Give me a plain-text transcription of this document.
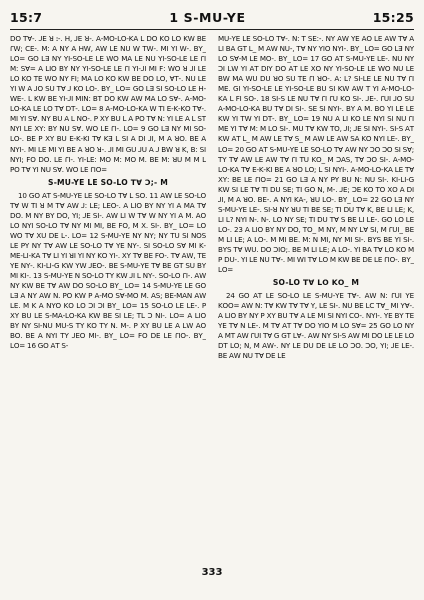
15:7	1 S-MU-YE	15:25

ꓓꓳ ꓔꓯ-. ꓙꓰ ꓤ ꓽ-. ꓧ, ꓙꓰ ꓤ-. ꓮ-ꓟꓳ-ꓡꓳ-ꓗꓮ ꓡ ꓓꓳ ꓗꓳ ꓡꓳ ꓗꓪ ꓐꓰ ꓩꓪ; ꓚꓰ-. ꓟ: ꓮ ꓠꓬ ꓮ ꓧꓪ, ꓮꓪ ꓡꓰ ꓠꓴ ꓪ ꓔꓪ-. ꓟꓲ ꓬꓲ ꓪ-. ꓐꓬ_ ꓡꓳ= ꓖꓳ ꓡꓱ ꓠꓬ ꓬꓲ-ꓢꓳ-ꓡꓰ ꓡꓰ ꓪꓳ ꓟꓮ ꓡꓰ ꓠꓴ ꓬꓲ-ꓢꓳ-ꓡꓰ ꓡꓰ ꓩꓲ ꓟ: ꓢꓯ= ꓮ ꓡꓲꓳ ꓐꓬ ꓠꓬ ꓬꓲ-ꓢꓳ-ꓡꓰ ꓡꓰ ꓩꓲ ꓬꓲ-ꓙꓲ ꓟꓲ ꓝ: ꓪꓳ ꓤ ꓙꓲ ꓡꓰ ꓡꓳ ꓗꓳ ꓔꓰ ꓪꓳ ꓠꓬ ꓝꓲ; ꓟꓮ ꓡꓳ ꓗꓳ ꓗꓪ ꓐꓰ ꓓꓳ ꓡꓳ, ꓯꓔ-. ꓠꓴ ꓡꓰ ꓬꓲ ꓪ ꓮ ꓙꓳ ꓢꓴ ꓔꓯ ꓙ ꓗꓳ ꓡꓳ-. ꓐꓬ_ ꓡꓳ= ꓖꓳ ꓡꓱ ꓢꓲ ꓢꓳ-ꓡꓳ ꓡꓰ ꓧ-ꓪꓰ-. ꓡ ꓗꓪ ꓐꓰ ꓬꓲ-ꓙꓲ ꓟꓲꓠ: ꓐꓔ ꓓꓳ ꓗꓪ ꓮꓪ ꓟꓮ ꓡꓳ ꓢꓯ-. ꓮ-ꓟꓳ-ꓡꓳ-ꓗꓮ ꓡꓰ ꓡꓳ ꓔꓯ ꓓꓔ-. ꓡꓳ= 8 ꓮ-ꓟꓳ-ꓡꓳ-ꓗꓮ ꓪ ꓔꓲ ꓰ-ꓗ-ꓗꓳ ꓔꓯ-. ꓟꓲ ꓬꓲ ꓢꓯ. ꓠꓬ ꓐꓴ ꓮ ꓡ ꓠꓳ-. ꓑ ꓫꓬ ꓐꓴ ꓡ ꓮ ꓑꓳ ꓔꓯ ꓠ: ꓬꓲ ꓡꓰ ꓮ ꓡ ꓢꓔ ꓠꓬꓲ ꓡꓰ ꓫꓬ: ꓐꓬ ꓠꓴ ꓢꓯ. ꓪꓳ ꓡꓰ ꓩꓲ-. ꓡꓳ= 9 ꓖꓳ ꓡꓱ ꓠꓬ ꓟꓲ ꓢꓳ-ꓡꓳ-. ꓐꓰ ꓑ ꓫꓬ ꓐꓴ ꓰ-ꓗ-ꓗꓲ ꓔꓯ ꓗꓱ ꓡ ꓢꓲ ꓮ ꓓꓲ ꓙꓲ, ꓟ ꓮ ꓤꓳ. ꓐꓰ ꓮ ꓠꓬꓲ-. ꓟꓲ ꓡꓰ ꓟꓲ ꓬꓲ ꓐꓰ ꓮ ꓤꓳ ꓤ-. ꓙꓲ ꓟꓲ ꓖꓴ ꓙꓴ ꓮ ꓙ ꓐꓪ ꓤ ꓗ, ꓐ: ꓢꓲ ꓠꓬꓲ; ꓝꓳ ꓓꓳ. ꓡꓰ ꓩꓲ-. ꓬꓲ-ꓡꓰ: ꓟꓳ ꓟ: ꓟꓳ ꓟ. ꓐꓰ ꓟ: ꓤꓴ ꓟ ꓟ ꓡ ꓑꓳ ꓔꓯ ꓬꓲ ꓠꓴ ꓢꓯ. ꓪꓳ ꓡꓰ ꓩꓲꓳ=

S-MU-YE LE SO-LO ꓔꓯ ꓛ;- M

10 ꓖꓳ ꓮꓔ ꓢ-ꓟꓴ-ꓬꓰ ꓡꓰ ꓢꓳ-ꓡꓳ ꓔꓯ ꓡ ꓢꓳ. 11 ꓮꓪ ꓡꓰ ꓢꓳ-ꓡꓳ ꓔꓯ ꓪ ꓔꓲ ꓤ ꓟ ꓔꓯ ꓮꓪ ꓙ: ꓡꓰ; ꓡꓰꓳ-. ꓮ ꓡꓲꓳ ꓐꓬ ꓠꓬ ꓬꓲ ꓮ ꓟꓮ ꓔꓯ ꓓꓳ. ꓟ ꓠꓬ ꓐꓬ ꓓꓳ, ꓬꓲ; ꓙꓰ ꓢꓲ-. ꓮꓪ ꓡꓲ ꓪ ꓔꓯ ꓪ ꓠꓬ ꓬꓲ ꓮ ꓟ. ꓮꓳ ꓡꓳ ꓠꓬꓲ ꓢꓳ-ꓡꓳ ꓔꓯ ꓠꓬ ꓟꓲ ꓟꓲ, ꓐꓰ ꓝꓳ, ꓟ ꓫ. ꓢꓲ-. ꓐꓬ_ ꓡꓳ= ꓡꓳ ꓪꓳ ꓔꓯ ꓫꓴ ꓓꓰ ꓡ-. ꓡꓳ= 12 ꓢ-ꓟꓴ-ꓬꓰ ꓠꓬ ꓠꓬ; ꓠꓬ ꓔꓴ ꓢꓲ ꓠꓳꓢ ꓡꓰ ꓑꓬ ꓠꓬ ꓔꓯ ꓮꓪ ꓡꓰ ꓢꓳ-ꓡꓳ ꓔꓯ ꓬꓰ ꓠꓬ-. ꓢꓲ ꓢꓳ-ꓡꓳ ꓢꓯ ꓟꓲ ꓗ-ꓟꓰ-ꓡꓲ-ꓗꓮ ꓔꓯ ꓡꓲ ꓬꓲ ꓤꓲ ꓬꓲ ꓠꓬ ꓗꓳ ꓬꓲ-. ꓫꓬ ꓔꓯ ꓐꓰ ꓝꓳ-. ꓔꓯ ꓮꓪ, ꓔꓰ ꓬꓰ ꓠꓬ-. ꓗꓲ-ꓡꓲ-ꓖ ꓗꓪ ꓬꓪ ꓙꓰꓳ-. ꓐꓰ ꓢ-ꓟꓴ-ꓬꓰ ꓔꓯ ꓐꓰ ꓖꓔ ꓢꓴ ꓐꓬ ꓟꓲ ꓗꓲ-. 13 ꓢ-ꓟꓴ-ꓬꓰ ꓠ ꓢꓳ-ꓡꓳ ꓔꓬ ꓗꓪ ꓙꓲ ꓡ ꓠꓬ-. ꓢꓳ-ꓡꓳ ꓩꓲ-. ꓮꓪ ꓠꓬ ꓗꓪ ꓐꓰ ꓔꓯ ꓮꓪ ꓓꓳ ꓢꓳ-ꓡꓳ ꓐꓬ_ ꓡꓳ= 14 ꓢ-ꓟꓴ-ꓬꓰ ꓡꓰ ꓖꓳ ꓡꓱ ꓮ ꓠꓬ ꓮꓪ ꓠ. ꓑꓳ ꓗꓪ ꓑ ꓮ-ꓟꓳ ꓢꓯ-ꓟꓳ ꓟ. ꓮꓢ; ꓐꓰ-ꓟꓮꓠ ꓮꓪ ꓡꓰ. ꓟ ꓗ ꓮ ꓠꓬꓳ ꓗꓳ ꓡꓳ ꓛꓲ ꓛꓲ ꓐꓬ_ ꓡꓳ= 15 ꓢꓳ-ꓡꓳ ꓡꓰ ꓡꓰ-. ꓑ ꓫꓬ ꓐꓴ ꓡꓰ ꓢ-ꓟꓮ-ꓡꓳ-ꓗꓮ ꓗꓪ ꓐꓰ ꓢꓲ ꓡꓰ; ꓔꓡ ꓛ ꓠꓲ-. ꓡꓳ= ꓮ ꓡꓲꓳ ꓐꓬ ꓠꓬ ꓢꓲ-ꓠꓴ ꓟꓴ-ꓢ ꓔꓬ ꓗꓳ ꓔꓬ ꓠ. ꓟ-. ꓑ ꓫꓬ ꓐꓴ ꓡꓰ ꓮ ꓡꓪ ꓮꓳ ꓐꓳ. ꓐꓰ ꓮ ꓠꓬꓲ ꓔꓬ ꓙꓰꓳ ꓟꓲ-. ꓐꓬ_ ꓡꓳ= ꓝꓳ ꓓꓰ ꓡꓰ ꓩꓲꓳ-. ꓐꓬ_ ꓡꓳ= 16 ꓖꓳ ꓮꓔ ꓢ-

ꓟꓴ-ꓬꓰ ꓡꓰ ꓢꓳ-ꓡꓳ ꓔꓯ-. ꓠ: ꓔ ꓢꓰ:-. ꓠꓬ ꓮꓪ ꓬꓰ ꓮꓳ ꓡꓰ ꓮꓪ ꓔꓯ ꓮ ꓡꓲ ꓐꓮ ꓖꓔ ꓡ_ ꓟ ꓮꓪ ꓠꓴ-, ꓔꓯ ꓠꓬ ꓬꓲꓳ ꓠꓬꓲ-. ꓐꓬ_ ꓡꓳ= ꓖꓳ ꓡꓱ ꓠꓬ ꓡꓳ ꓢꓯ-ꓟ ꓡꓰ ꓟꓳ-. ꓐꓬ_ ꓡꓳ= 17 ꓖꓳ ꓮꓔ ꓢ-ꓟꓴ-ꓬꓰ ꓡꓰ-. ꓠꓴ ꓠꓬ ꓛꓲ ꓡꓪ ꓬꓲ ꓮꓔ ꓓꓲꓬ ꓓꓳ ꓮꓔ ꓡꓰ ꓫꓳ ꓠꓬ ꓬꓲ-ꓢꓳ-ꓡꓰ ꓡꓰ ꓪꓳ ꓠꓴ ꓡꓰ ꓐꓪ ꓟꓮ ꓪꓴ ꓓꓴ ꓤꓳ ꓢꓴ ꓔꓰ ꓩꓲ ꓤꓳ-. ꓮ: ꓡ? ꓢꓲ-ꓡꓰ ꓡꓰ ꓠꓴ ꓔꓯ ꓩꓲ ꓟꓰ. ꓖꓲ ꓬꓲ-ꓢꓳ-ꓡꓰ ꓡꓰ ꓬꓲ-ꓢꓳ-ꓡꓰ ꓐꓴ ꓢꓲ ꓗꓪ ꓮꓪ ꓔ ꓬꓲ ꓮ-ꓟꓳ-ꓡꓳ-ꓗꓮ ꓡ ꓝꓲ ꓢꓳ-. 18 ꓢꓲ-ꓢ ꓡꓰ ꓠꓴ ꓔꓯ ꓩꓲ ꓩꓴ ꓗꓳ ꓢꓲ-. ꓙꓰ-. ꓩꓴꓲ ꓙꓳ ꓢꓴ ꓮ-ꓟꓳ-ꓡꓳ-ꓗꓮ ꓐꓴ ꓔꓯ ꓓꓲ ꓢꓲ-. ꓢꓰ ꓢꓲ ꓠꓬꓲ-. ꓐꓬ ꓮ ꓟ. ꓐꓳ ꓬꓲ ꓡꓰ ꓡꓰ ꓗꓪ ꓬꓲ ꓔꓪ ꓬꓲ ꓓꓔ-. ꓐꓬ_ ꓡꓳ= 19 ꓠꓴ ꓮ ꓡꓲ ꓗꓳ ꓡꓰ ꓠꓬꓲ ꓢꓲ ꓠꓴ ꓩꓲ ꓟꓰ ꓬꓲ ꓔꓯ ꓟ: ꓟ ꓡꓳ ꓢꓲ-. ꓟꓴ ꓔꓯ ꓗꓪ ꓔꓳ, ꓙꓲ; ꓙꓰ ꓢꓲ ꓠꓬꓲ-. ꓢꓲ-ꓢ ꓮꓔ ꓗꓪ ꓮꓔ ꓡ_ ꓟ ꓮꓪ ꓡꓰ ꓔꓯ ꓢ_ ꓟ ꓮꓪ ꓡꓰ ꓮꓪ ꓢꓮ ꓗꓳ ꓠꓬꓲ ꓡꓰ-. ꓐꓬ_ ꓡꓳ= 20 ꓖꓳ ꓮꓔ ꓢ-ꓟꓴ-ꓬꓰ ꓡꓰ ꓢꓳ-ꓡꓳ ꓔꓯ ꓮꓪ ꓠꓬ ꓛꓳ ꓛꓳ ꓢꓲ ꓢꓯ; ꓔꓬ ꓔꓯ ꓮꓪ ꓡꓰ ꓮꓪ ꓔꓯ ꓩꓲ ꓔꓴ ꓗꓳ_ ꓟ ꓛꓮꓢ, ꓔꓯ ꓛꓳ ꓢꓲ-. ꓮ-ꓟꓳ-ꓡꓳ-ꓗꓮ ꓔꓯ ꓰ-ꓗ-ꓗꓲ ꓐꓰ ꓮ ꓤꓳ ꓡꓳ; ꓡ ꓢꓲ ꓠꓬꓲ-. ꓮ-ꓟꓳ-ꓡꓳ-ꓗꓮ ꓡꓰ ꓔꓯ ꓫꓬ: ꓐꓰ ꓡꓰ ꓩꓲꓳ= 21 ꓖꓳ ꓡꓱ ꓮ ꓠꓬ ꓑꓬ ꓐꓴ ꓠ: ꓠꓴ ꓢꓲ-. ꓗꓲ-ꓡꓲ-ꓖ ꓗꓪ ꓢꓲ ꓡꓰ ꓔꓯ ꓔꓲ ꓓꓴ ꓢꓰ; ꓔꓲ ꓖꓳ ꓠ, ꓟ-. ꓙꓰ; ꓛꓰ ꓗꓳ ꓔꓳ ꓫꓳ ꓮ ꓓꓲ ꓙꓲ, ꓟ ꓮ ꓤꓳ. ꓐꓰ-. ꓮ ꓠꓬꓲ ꓗꓮ-, ꓤꓴ ꓡꓳ-. ꓐꓬ_ ꓡꓳ= 22 ꓖꓳ ꓡꓱ ꓠꓬ ꓢ-ꓟꓴ-ꓬꓰ ꓡꓰ-. ꓢꓲ-ꓤ ꓠꓬ ꓤꓴ ꓔꓲ ꓐꓰ ꓢꓰ; ꓔꓲ ꓓꓴ ꓔꓯ ꓗ, ꓐꓰ ꓡꓲ ꓡꓰ; ꓗ, ꓡꓲ ꓡ? ꓠꓬꓲ ꓠ-. ꓠ-. ꓡꓳ ꓠꓬ ꓢꓰ; ꓔꓲ ꓓꓴ ꓔꓯ ꓢ ꓐꓰ ꓡꓲ ꓡꓰ-. ꓖꓳ ꓡꓳ ꓡꓰ ꓡꓳ-. 23 ꓮ ꓡꓲꓳ ꓐꓬ ꓠꓬ ꓓꓳ, ꓔꓳ_ ꓟ ꓠꓬ, ꓟ ꓠꓬ ꓡꓯ ꓢꓲ, ꓟ ꓩꓴꓲ_ ꓐꓰ ꓟ ꓡꓲ ꓡꓰ; ꓮ ꓡꓳ-. ꓟ ꓟꓲ ꓐꓰ. ꓟ: ꓠ ꓟꓲ, ꓠꓬ ꓟꓲ ꓢꓲ-. ꓐꓬꓢ ꓐꓰ ꓬꓲ ꓢꓲ-. ꓐꓬꓢ ꓔꓯ ꓪꓴ. ꓓꓳ ꓛꓲꓳ;. ꓐꓰ ꓟ ꓡꓲ ꓡꓰ; ꓮ ꓡꓳ-. ꓬꓲ ꓐꓮ ꓔꓯ ꓡꓳ ꓗꓳ ꓟ ꓑ ꓓꓴ-. ꓬꓲ ꓡꓰ ꓠꓴ ꓔꓯ-. ꓟꓲ ꓪꓲ ꓔꓯ ꓡꓳ ꓟ ꓗꓪ ꓐꓰ ꓓꓰ ꓡꓰ ꓩꓲꓳ-. ꓐꓬ_ ꓡꓳ=

SO-LO ꓔꓯ ꓡꓳ ꓗꓳ_ M

24 ꓖꓳ ꓮꓔ ꓡꓰ ꓢꓳ-ꓡꓳ ꓡꓰ ꓢ-ꓟꓴ-ꓬꓰ ꓔꓯ-. ꓮꓪ ꓠ: ꓩꓴꓲ ꓬꓰ ꓗꓳꓳ= ꓮꓪ ꓠ: ꓔꓯ ꓗꓪ ꓔꓯ ꓔꓯ ꓬ, ꓡꓰ ꓢꓲ-. ꓠꓴ ꓐꓰ ꓡꓚ ꓔꓯ_ ꓟꓲ ꓬꓯ-. ꓮ ꓡꓲꓳ ꓐꓬ ꓠꓬ ꓑ ꓫꓬ ꓐꓴ ꓔꓯ ꓮ ꓡꓰ ꓟꓲ ꓢꓲ ꓠꓬꓲ ꓚꓳ-. ꓠꓬꓲ-. ꓬꓰ ꓐꓬ ꓔꓰ ꓬꓰ ꓔꓯ ꓠ ꓡꓰ-. ꓟ ꓔꓯ ꓮꓔ ꓔꓯ ꓓꓳ ꓬꓲꓳ ꓟ ꓡꓳ ꓢꓯ= 25 ꓖꓳ ꓡꓳ ꓠꓬ ꓮ ꓟꓔ ꓮꓪ ꓩꓴꓲ ꓔꓯ ꓖ ꓖꓔ ꓡꓯ-. ꓮꓪ ꓠꓬ ꓢꓲ-ꓢ ꓮꓪ ꓟꓲ ꓓꓳ ꓡꓰ ꓡꓰ ꓡꓳ ꓓꓔ ꓡꓳ; ꓠ, ꓟ ꓮꓪ-. ꓠꓬ ꓡꓰ ꓓꓴ ꓓꓰ ꓡꓰ ꓡꓳ ꓛꓳ. ꓛꓳ, ꓬꓲ; ꓙꓰ ꓡꓰ-. ꓐꓰ ꓮꓪ ꓠꓴ ꓔꓯ ꓓꓰ ꓡꓰ

333
